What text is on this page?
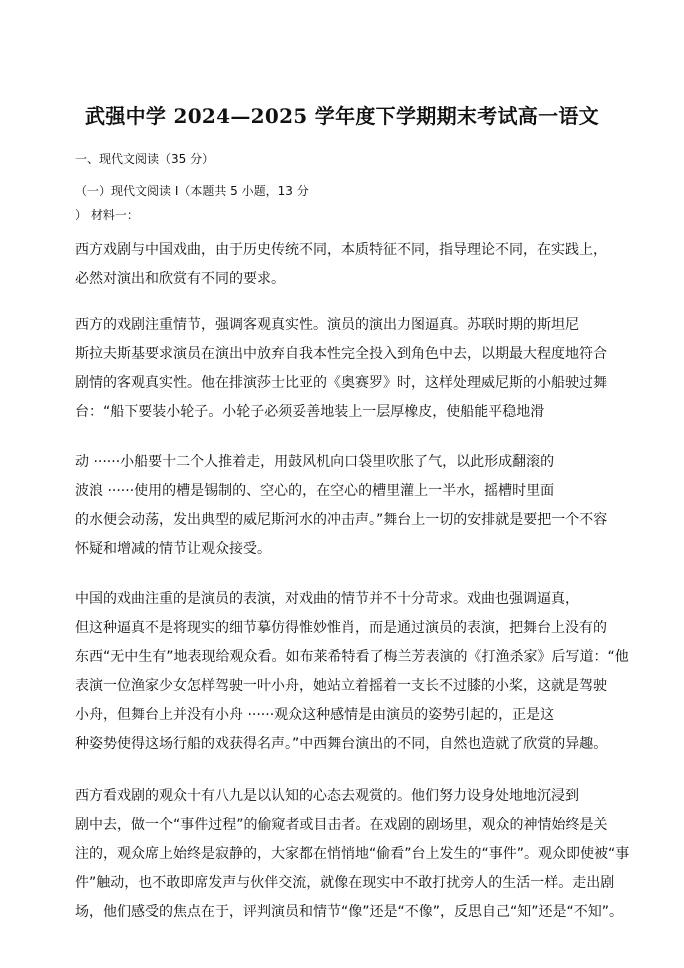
武强中学 2024—2025 学年度下学期期末考试高一语文
一、现代文阅读（35 分）
（一）现代文阅读 I（本题共 5 小题，13 分
） 材料一：
西方戏剧与中国戏曲，由于历史传统不同，本质特征不同，指导理论不同，在实践上，
必然对演出和欣赏有不同的要求。
西方的戏剧注重情节，强调客观真实性。演员的演出力图逼真。苏联时期的斯坦尼
斯拉夫斯基要求演员在演出中放弃自我本性完全投入到角色中去，以期最大程度地符合
剧情的客观真实性。他在排演莎士比亚的《奥赛罗》时，这样处理威尼斯的小船驶过舞
台：“船下要装小轮子。小轮子必须妥善地装上一层厚橡皮，使船能平稳地滑
动 ······小船要十二个人推着走，用鼓风机向口袋里吹胀了气，以此形成翻滚的
波浪 ······使用的槽是锡制的、空心的，在空心的槽里灌上一半水，摇槽时里面
的水便会动荡，发出典型的威尼斯河水的冲击声。”舞台上一切的安排就是要把一个不容
怀疑和增减的情节让观众接受。
中国的戏曲注重的是演员的表演，对戏曲的情节并不十分苛求。戏曲也强调逼真，
但这种逼真不是将现实的细节摹仿得惟妙惟肖，而是通过演员的表演，把舞台上没有的
东西“无中生有”地表现给观众看。如布莱希特看了梅兰芳表演的《打渔杀家》后写道：“他
表演一位渔家少女怎样驾驶一叶小舟，她站立着摇着一支长不过膝的小桨，这就是驾驶
小舟，但舞台上并没有小舟 ······观众这种感情是由演员的姿势引起的，正是这
种姿势使得这场行船的戏获得名声。”中西舞台演出的不同，自然也造就了欣赏的异趣。
西方看戏剧的观众十有八九是以认知的心态去观赏的。他们努力设身处地地沉浸到
剧中去，做一个“事件过程”的偷窥者或目击者。在戏剧的剧场里，观众的神情始终是关
注的，观众席上始终是寂静的，大家都在悄悄地“偷看”台上发生的“事件”。观众即使被“事
件”触动，也不敢即席发声与伙伴交流，就像在现实中不敢打扰旁人的生活一样。走出剧
场，他们感受的焦点在于，评判演员和情节“像”还是“不像”，反思自己“知”还是“不知”。
